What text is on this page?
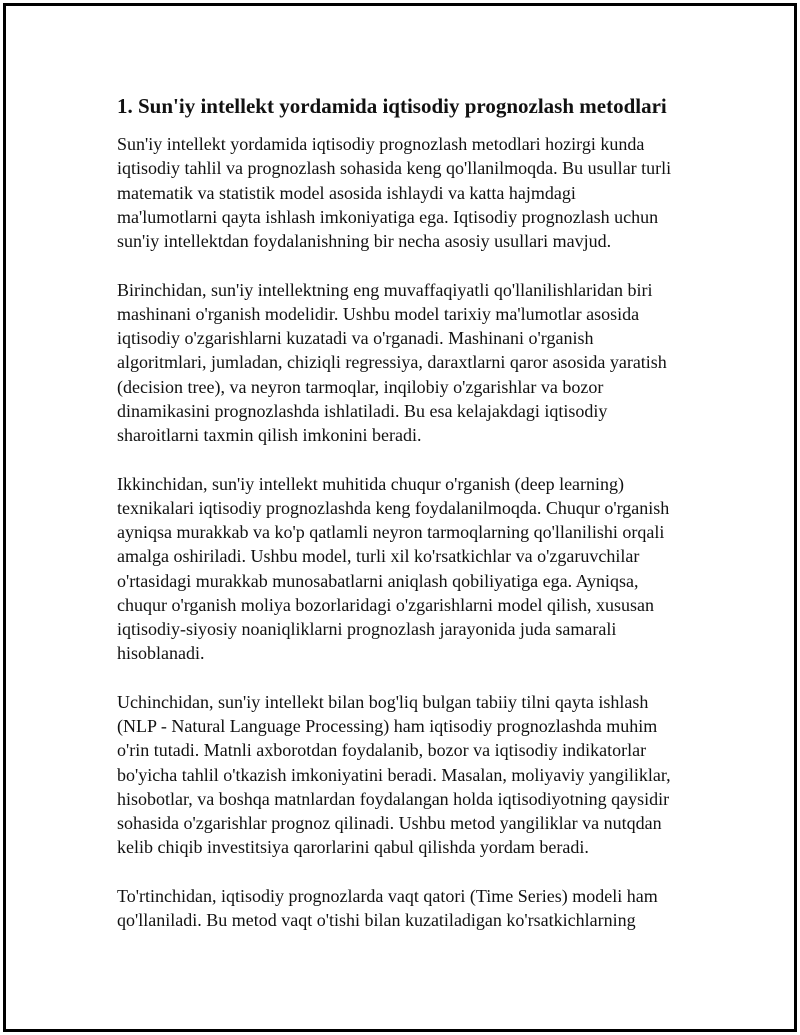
1. Sun'iy intellekt yordamida iqtisodiy prognozlash metodlari
Sun'iy intellekt yordamida iqtisodiy prognozlash metodlari hozirgi kunda
iqtisodiy tahlil va prognozlash sohasida keng qo'llanilmoqda. Bu usullar turli
matematik va statistik model asosida ishlaydi va katta hajmdagi
ma'lumotlarni qayta ishlash imkoniyatiga ega. Iqtisodiy prognozlash uchun
sun'iy intellektdan foydalanishning bir necha asosiy usullari mavjud.
Birinchidan, sun'iy intellektning eng muvaffaqiyatli qo'llanilishlaridan biri
mashinani o'rganish modelidir. Ushbu model tarixiy ma'lumotlar asosida
iqtisodiy o'zgarishlarni kuzatadi va o'rganadi. Mashinani o'rganish
algoritmlari, jumladan, chiziqli regressiya, daraxtlarni qaror asosida yaratish
(decision tree), va neyron tarmoqlar, inqilobiy o'zgarishlar va bozor
dinamikasini prognozlashda ishlatiladi. Bu esa kelajakdagi iqtisodiy
sharoitlarni taxmin qilish imkonini beradi.
Ikkinchidan, sun'iy intellekt muhitida chuqur o'rganish (deep learning)
texnikalari iqtisodiy prognozlashda keng foydalanilmoqda. Chuqur o'rganish
ayniqsa murakkab va ko'p qatlamli neyron tarmoqlarning qo'llanilishi orqali
amalga oshiriladi. Ushbu model, turli xil ko'rsatkichlar va o'zgaruvchilar
o'rtasidagi murakkab munosabatlarni aniqlash qobiliyatiga ega. Ayniqsa,
chuqur o'rganish moliya bozorlaridagi o'zgarishlarni model qilish, xususan
iqtisodiy-siyosiy noaniqliklarni prognozlash jarayonida juda samarali
hisoblanadi.
Uchinchidan, sun'iy intellekt bilan bog'liq bulgan tabiiy tilni qayta ishlash
(NLP - Natural Language Processing) ham iqtisodiy prognozlashda muhim
o'rin tutadi. Matnli axborotdan foydalanib, bozor va iqtisodiy indikatorlar
bo'yicha tahlil o'tkazish imkoniyatini beradi. Masalan, moliyaviy yangiliklar,
hisobotlar, va boshqa matnlardan foydalangan holda iqtisodiyotning qaysidir
sohasida o'zgarishlar prognoz qilinadi. Ushbu metod yangiliklar va nutqdan
kelib chiqib investitsiya qarorlarini qabul qilishda yordam beradi.
To'rtinchidan, iqtisodiy prognozlarda vaqt qatori (Time Series) modeli ham
qo'llaniladi. Bu metod vaqt o'tishi bilan kuzatiladigan ko'rsatkichlarning
